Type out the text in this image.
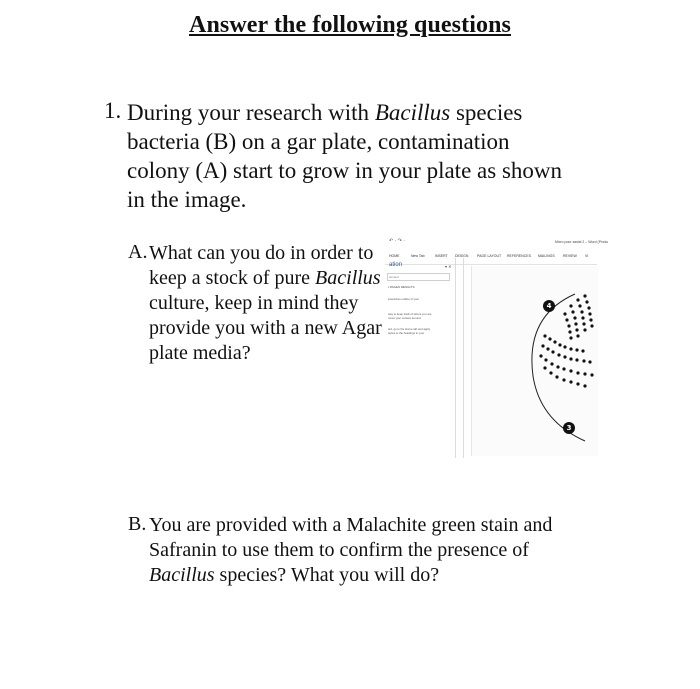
Answer the following questions
1. During your research with Bacillus species bacteria (B) on a gar plate, contamination colony (A) start to grow in your plate as shown in the image.
A. What can you do in order to keep a stock of pure Bacillus culture, keep in mind they provide you with a new Agar plate media?
B. You are provided with a Malachite green stain and Safranin to use them to confirm the presence of Bacillus species? What you will do?
↶ · ↷ ·	Micro pour assist 2 – Word (Produ
HOME	New Tab	INSERT DESIGN PAGE LAYOUT REFERENCES MAILINGS REVIEW VI
ation	▾ ✕
cument
▪ PAGES RESULTS
interactive outline of your
way to keep track of where you are
move your content around.
ted, go to the Home tab and apply
styles to the headings in your
4
3
